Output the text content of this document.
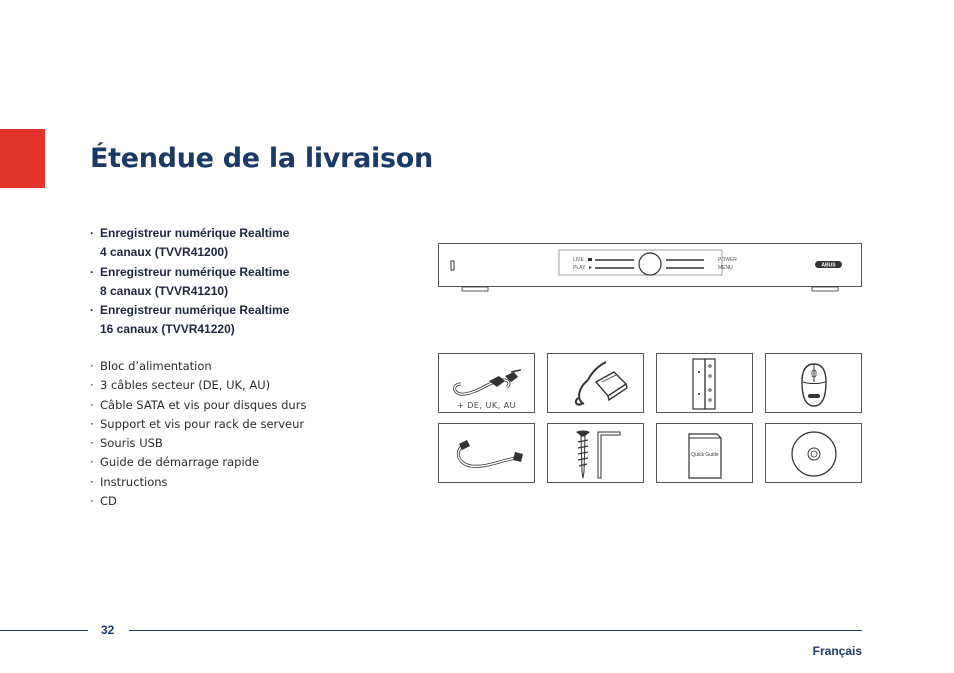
Étendue de la livraison
· Enregistreur numérique Realtime
4 canaux (TVVR41200)
· Enregistreur numérique Realtime
8 canaux (TVVR41210)
· Enregistreur numérique Realtime
16 canaux (TVVR41220)
· Bloc d’alimentation
· 3 câbles secteur (DE, UK, AU)
· Câble SATA et vis pour disques durs
· Support et vis pour rack de serveur
· Souris USB
· Guide de démarrage rapide
· Instructions
· CD
LIVE
PLAY
POWER
MENU	ABUS
+ DE, UK, AU
Quick Guide
32
Français
